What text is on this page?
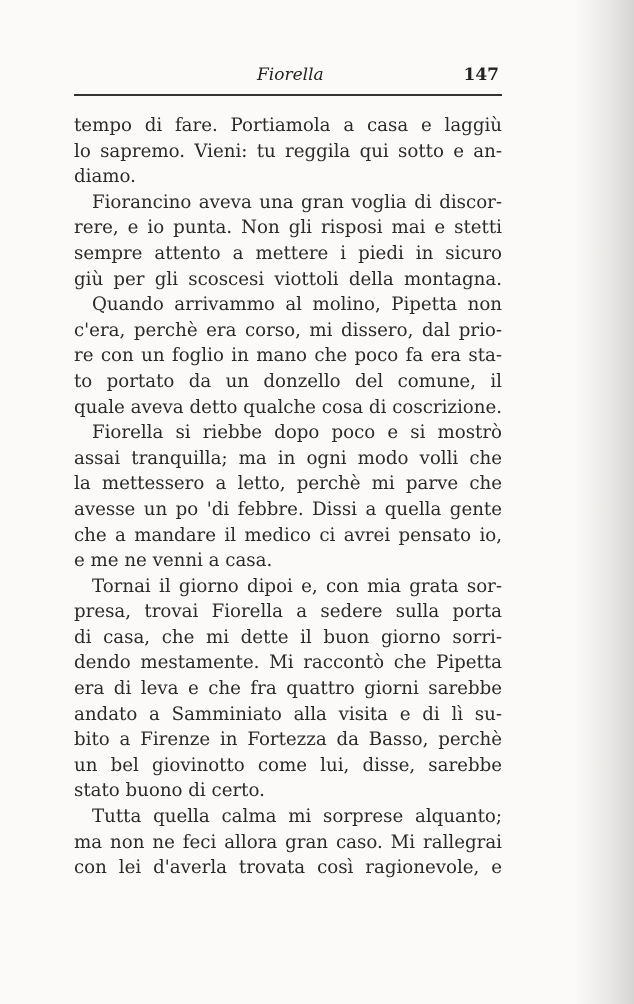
Fiorella	147
tempo di fare. Portiamola a casa e laggiù
lo sapremo. Vieni: tu reggila qui sotto e an-
diamo.
Fiorancino aveva una gran voglia di discor-
rere, e io punta. Non gli risposi mai e stetti
sempre attento a mettere i piedi in sicuro
giù per gli scoscesi viottoli della montagna.
Quando arrivammo al molino, Pipetta non
c'era, perchè era corso, mi dissero, dal prio-
re con un foglio in mano che poco fa era sta-
to portato da un donzello del comune, il
quale aveva detto qualche cosa di coscrizione.
Fiorella si riebbe dopo poco e si mostrò
assai tranquilla; ma in ogni modo volli che
la mettessero a letto, perchè mi parve che
avesse un po 'di febbre. Dissi a quella gente
che a mandare il medico ci avrei pensato io,
e me ne venni a casa.
Tornai il giorno dipoi e, con mia grata sor-
presa, trovai Fiorella a sedere sulla porta
di casa, che mi dette il buon giorno sorri-
dendo mestamente. Mi raccontò che Pipetta
era di leva e che fra quattro giorni sarebbe
andato a Samminiato alla visita e di lì su-
bito a Firenze in Fortezza da Basso, perchè
un bel giovinotto come lui, disse, sarebbe
stato buono di certo.
Tutta quella calma mi sorprese alquanto;
ma non ne feci allora gran caso. Mi rallegrai
con lei d'averla trovata così ragionevole, e
